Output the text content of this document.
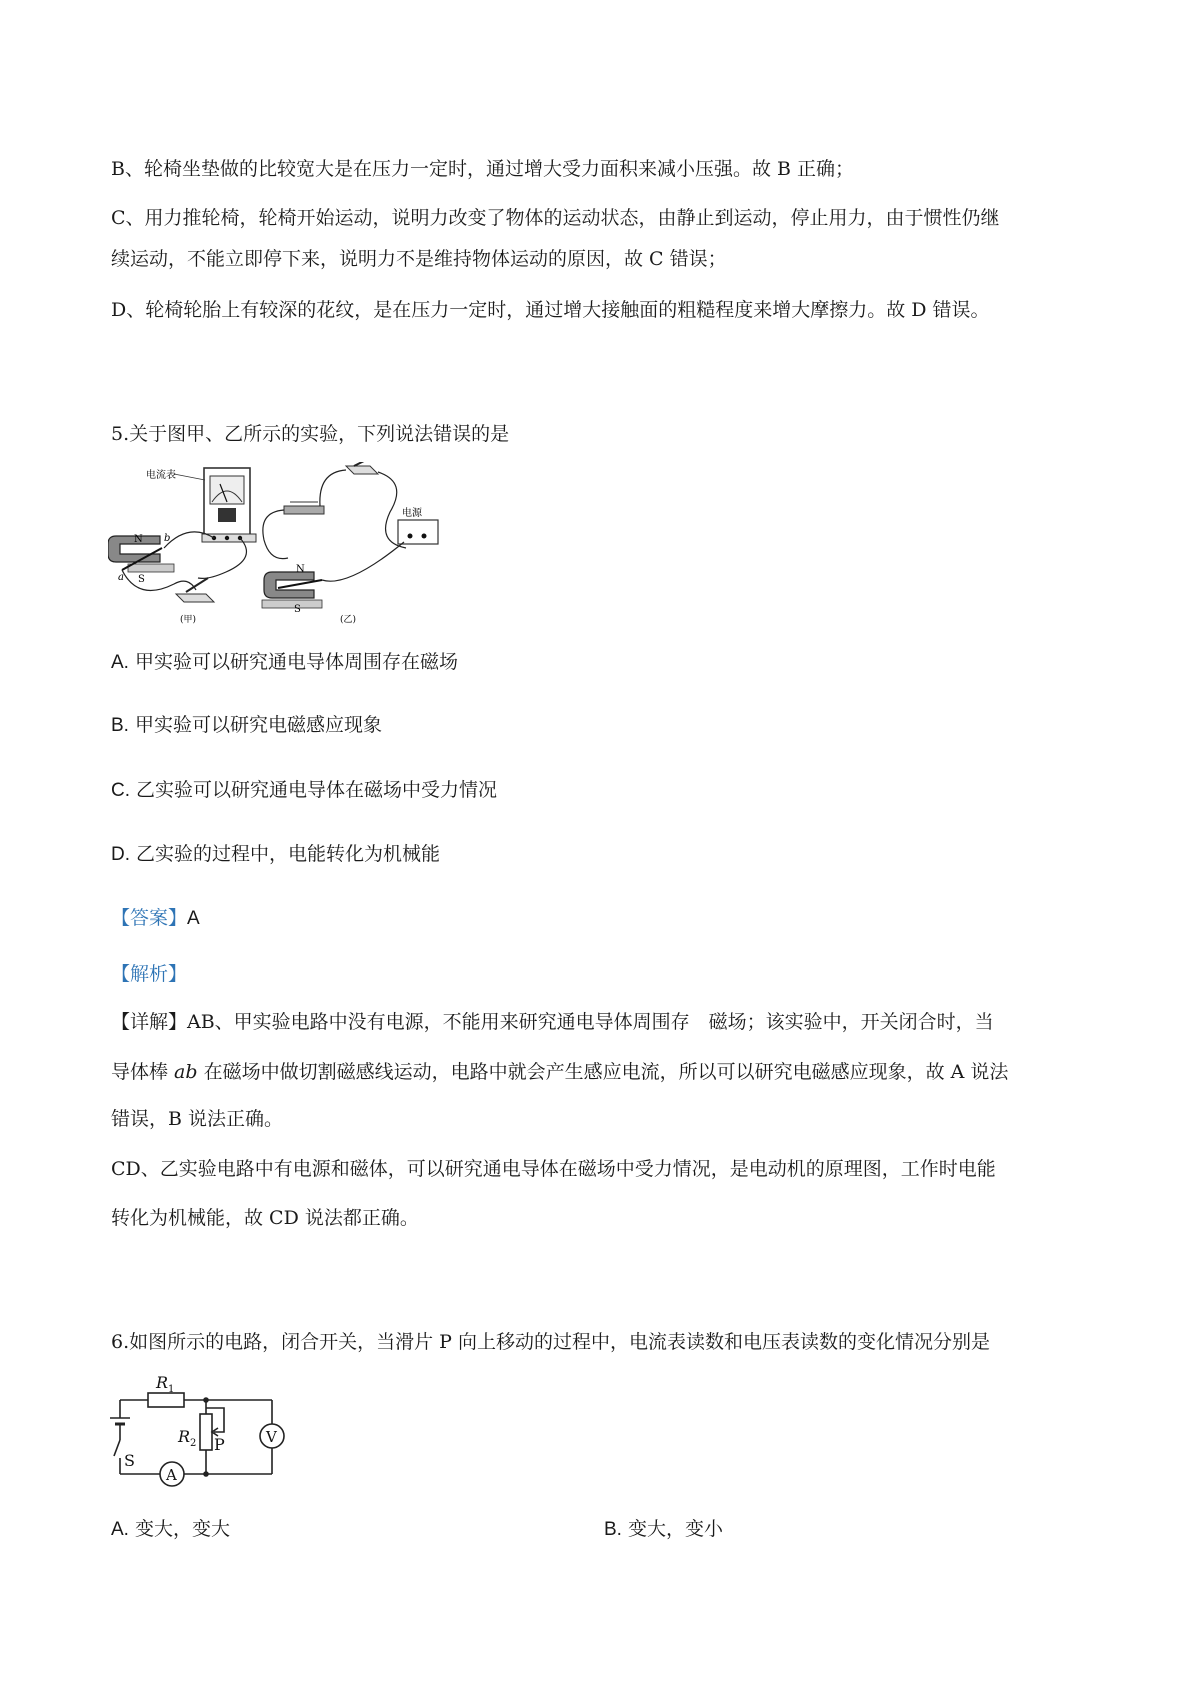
B、轮椅坐垫做的比较宽大是在压力一定时，通过增大受力面积来减小压强。故 B 正确；
C、用力推轮椅，轮椅开始运动，说明力改变了物体的运动状态，由静止到运动，停止用力，由于惯性仍继
续运动，不能立即停下来，说明力不是维持物体运动的原因，故 C 错误；
D、轮椅轮胎上有较深的花纹，是在压力一定时，通过增大接触面的粗糙程度来增大摩擦力。故 D 错误。
5.关于图甲、乙所示的实验，下列说法错误的是
电流表
N
S
a
b
(甲)
电源
N
S
(乙)
A. 甲实验可以研究通电导体周围存在磁场
B. 甲实验可以研究电磁感应现象
C. 乙实验可以研究通电导体在磁场中受力情况
D. 乙实验的过程中，电能转化为机械能
【答案】A
【解析】
【详解】AB、甲实验电路中没有电源，不能用来研究通电导体周围存　磁场；该实验中，开关闭合时，当
导体棒 ab 在磁场中做切割磁感线运动，电路中就会产生感应电流，所以可以研究电磁感应现象，故 A 说法
错误，B 说法正确。
CD、乙实验电路中有电源和磁体，可以研究通电导体在磁场中受力情况，是电动机的原理图，工作时电能
转化为机械能，故 CD 说法都正确。
6.如图所示的电路，闭合开关，当滑片 P 向上移动的过程中，电流表读数和电压表读数的变化情况分别是
R 1
S
A
R 2 P	V
A. 变大，变大	B. 变大，变小
